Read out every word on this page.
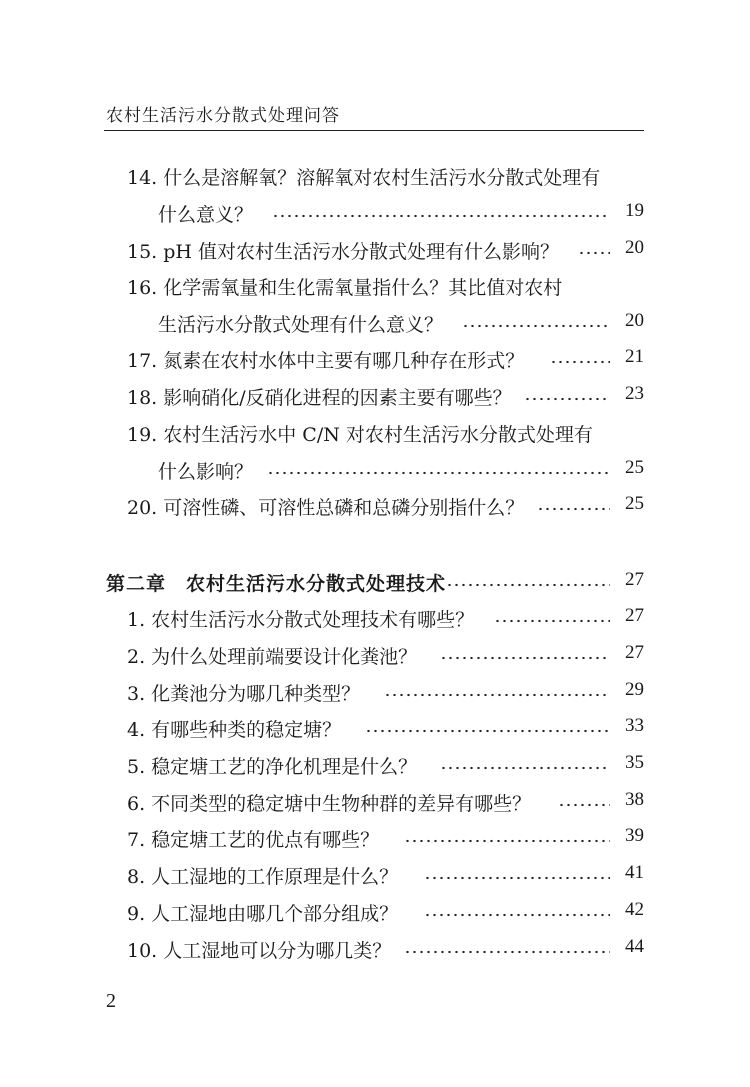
农村生活污水分散式处理问答
14. 什么是溶解氧？溶解氧对农村生活污水分散式处理有
什么意义？	19
15. pH 值对农村生活污水分散式处理有什么影响？	20
16. 化学需氧量和生化需氧量指什么？其比值对农村
生活污水分散式处理有什么意义？	20
17. 氮素在农村水体中主要有哪几种存在形式？	21
18. 影响硝化/反硝化进程的因素主要有哪些？	23
19. 农村生活污水中 C/N 对农村生活污水分散式处理有
什么影响？	25
20. 可溶性磷、可溶性总磷和总磷分别指什么？	25
第二章　农村生活污水分散式处理技术	27
1. 农村生活污水分散式处理技术有哪些？	27
2. 为什么处理前端要设计化粪池？	27
3. 化粪池分为哪几种类型？	29
4. 有哪些种类的稳定塘？	33
5. 稳定塘工艺的净化机理是什么？	35
6. 不同类型的稳定塘中生物种群的差异有哪些？	38
7. 稳定塘工艺的优点有哪些？	39
8. 人工湿地的工作原理是什么？	41
9. 人工湿地由哪几个部分组成？	42
10. 人工湿地可以分为哪几类？	44
2
